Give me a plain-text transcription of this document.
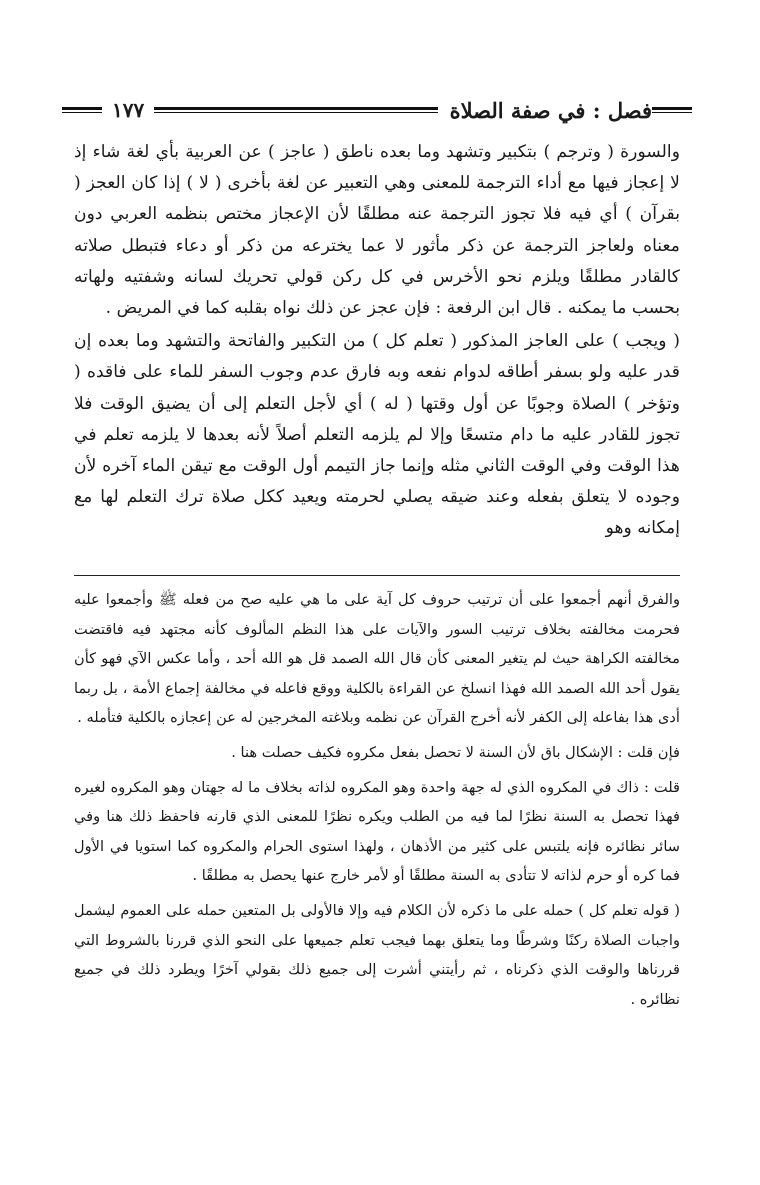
فصل : في صفة الصلاة
١٧٧

والسورة ( وترجم ) بتكبير وتشهد وما بعده ناطق ( عاجز ) عن العربية بأي لغة شاء إذ لا إعجاز فيها مع أداء الترجمة للمعنى وهي التعبير عن لغة بأخرى ( لا ) إذا كان العجز ( بقرآن ) أي فيه فلا تجوز الترجمة عنه مطلقًا لأن الإعجاز مختص بنظمه العربي دون معناه ولعاجز الترجمة عن ذكر مأثور لا عما يخترعه من ذكر أو دعاء فتبطل صلاته كالقادر مطلقًا ويلزم نحو الأخرس في كل ركن قولي تحريك لسانه وشفتيه ولهاته بحسب ما يمكنه . قال ابن الرفعة : فإن عجز عن ذلك نواه بقلبه كما في المريض .

( ويجب ) على العاجز المذكور ( تعلم كل ) من التكبير والفاتحة والتشهد وما بعده إن قدر عليه ولو بسفر أطاقه لدوام نفعه وبه فارق عدم وجوب السفر للماء على فاقده ( وتؤخر ) الصلاة وجوبًا عن أول وقتها ( له ) أي لأجل التعلم إلى أن يضيق الوقت فلا تجوز للقادر عليه ما دام متسعًا وإلا لم يلزمه التعلم أصلاً لأنه بعدها لا يلزمه تعلم في هذا الوقت وفي الوقت الثاني مثله وإنما جاز التيمم أول الوقت مع تيقن الماء آخره لأن وجوده لا يتعلق بفعله وعند ضيقه يصلي لحرمته ويعيد ككل صلاة ترك التعلم لها مع إمكانه وهو

والفرق أنهم أجمعوا على أن ترتيب حروف كل آية على ما هي عليه صح من فعله ﷺ وأجمعوا عليه فحرمت مخالفته بخلاف ترتيب السور والآيات على هذا النظم المألوف كأنه مجتهد فيه فاقتضت مخالفته الكراهة حيث لم يتغير المعنى كأن قال الله الصمد قل هو الله أحد ، وأما عكس الآي فهو كأن يقول أحد الله الصمد الله فهذا انسلخ عن القراءة بالكلية ووقع فاعله في مخالفة إجماع الأمة ، بل ربما أدى هذا بفاعله إلى الكفر لأنه أخرج القرآن عن نظمه وبلاغته المخرجين له عن إعجازه بالكلية فتأمله .

فإن قلت : الإشكال باق لأن السنة لا تحصل بفعل مكروه فكيف حصلت هنا .

قلت : ذاك في المكروه الذي له جهة واحدة وهو المكروه لذاته بخلاف ما له جهتان وهو المكروه لغيره فهذا تحصل به السنة نظرًا لما فيه من الطلب ويكره نظرًا للمعنى الذي قارنه فاحفظ ذلك هنا وفي سائر نظائره فإنه يلتبس على كثير من الأذهان ، ولهذا استوى الحرام والمكروه كما استويا في الأول فما كره أو حرم لذاته لا تتأدى به السنة مطلقًا أو لأمر خارج عنها يحصل به مطلقًا .

( قوله تعلم كل ) حمله على ما ذكره لأن الكلام فيه وإلا فالأولى بل المتعين حمله على العموم ليشمل واجبات الصلاة ركنًا وشرطًا وما يتعلق بهما فيجب تعلم جميعها على النحو الذي قررنا بالشروط التي قررناها والوقت الذي ذكرناه ، ثم رأيتني أشرت إلى جميع ذلك بقولي آخرًا ويطرد ذلك في جميع نظائره .
